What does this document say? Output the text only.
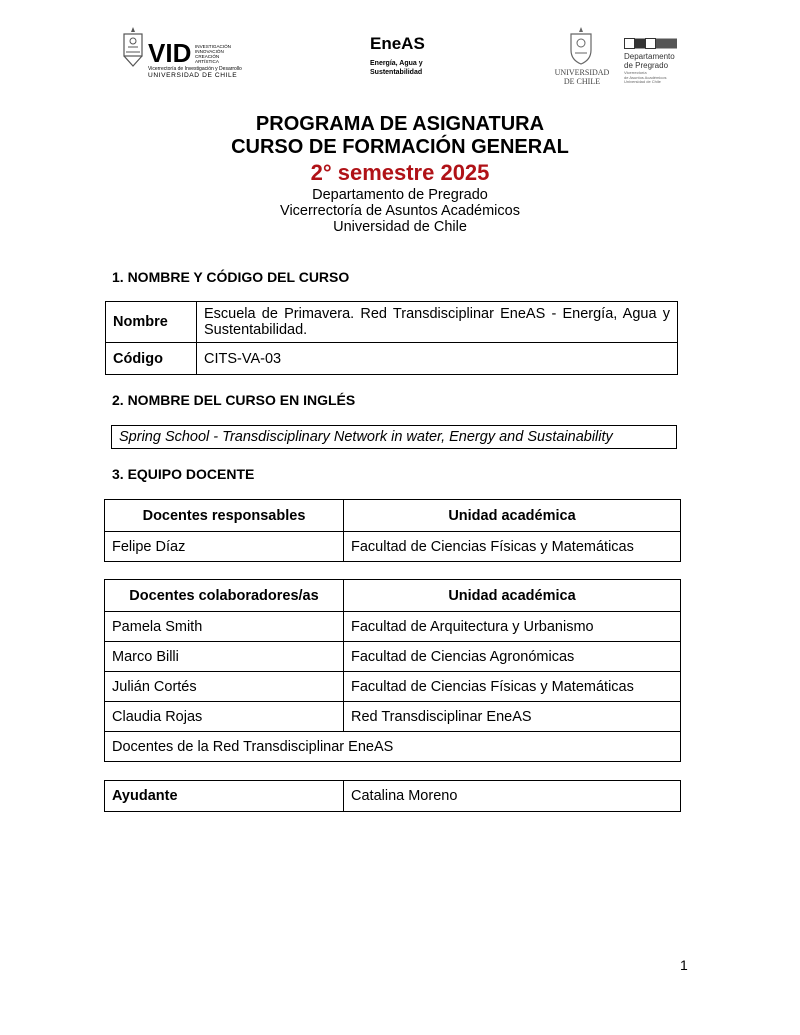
VID INVESTIGACIÓN INNOVACIÓN CREACIÓN ARTÍSTICA
Vicerrectoría de Investigación y Desarrollo
UNIVERSIDAD DE CHILE
EneAS
Energía, Agua y
Sustentabilidad	UNIVERSIDAD
DE CHILE
Departamento
de Pregrado
Vicerrectoría
de Asuntos Académicos
Universidad de Chile
PROGRAMA DE ASIGNATURA
CURSO DE FORMACIÓN GENERAL
2° semestre 2025
Departamento de Pregrado
Vicerrectoría de Asuntos Académicos
Universidad de Chile
1. NOMBRE Y CÓDIGO DEL CURSO
Nombre	Escuela de Primavera. Red Transdisciplinar EneAS - Energía, Agua y Sustentabilidad.
Código	CITS-VA-03
2. NOMBRE DEL CURSO EN INGLÉS
Spring School - Transdisciplinary Network in water, Energy and Sustainability
3. EQUIPO DOCENTE
Docentes responsables	Unidad académica
Felipe Díaz	Facultad de Ciencias Físicas y Matemáticas
Docentes colaboradores/as	Unidad académica
Pamela Smith	Facultad de Arquitectura y Urbanismo
Marco Billi	Facultad de Ciencias Agronómicas
Julián Cortés	Facultad de Ciencias Físicas y Matemáticas
Claudia Rojas	Red Transdisciplinar EneAS
Docentes de la Red Transdisciplinar EneAS	
Ayudante	Catalina Moreno
1
